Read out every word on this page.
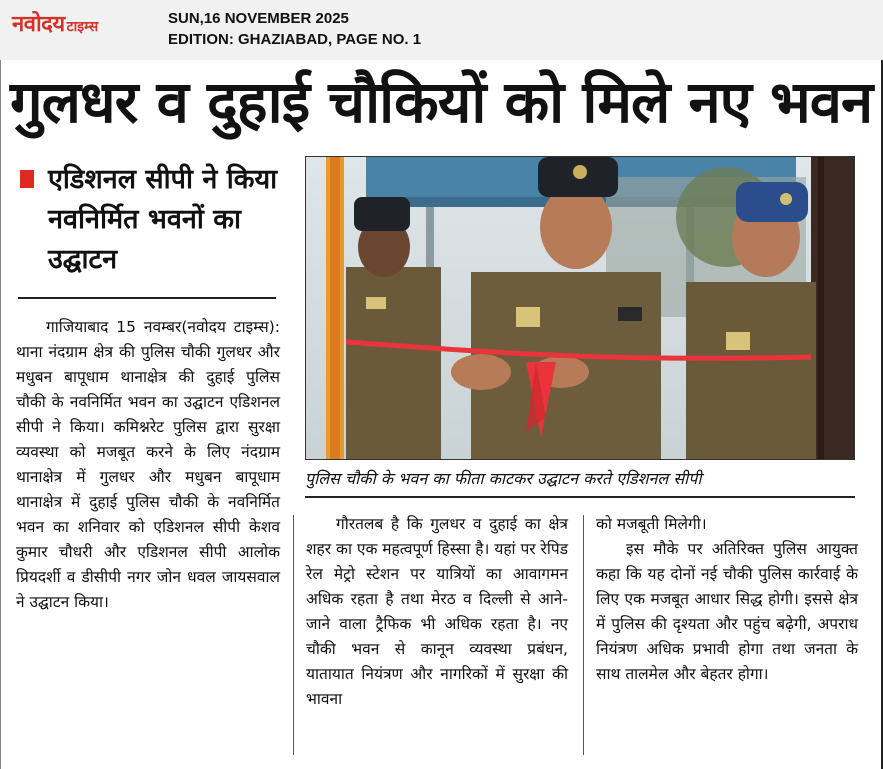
नवोदय टाइम्स	SUN,16 NOVEMBER 2025
EDITION: GHAZIABAD, PAGE NO. 1
गुलधर व दुहाई चौकियों को मिले नए भवन
एडिशनल सीपी ने किया नवनिर्मित भवनों का उद्घाटन
गाजियाबाद 15 नवम्बर(नवोदय टाइम्स): थाना नंदग्राम क्षेत्र की पुलिस चौकी गुलधर और मधुबन बापूधाम थानाक्षेत्र की दुहाई पुलिस चौकी के नवनिर्मित भवन का उद्घाटन एडिशनल सीपी ने किया। कमिश्नरेट पुलिस द्वारा सुरक्षा व्यवस्था को मजबूत करने के लिए नंदग्राम थानाक्षेत्र में गुलधर और मधुबन बापूधाम थानाक्षेत्र में दुहाई पुलिस चौकी के नवनिर्मित भवन का शनिवार को एडिशनल सीपी केशव कुमार चौधरी और एडिशनल सीपी आलोक प्रियदर्शी व डीसीपी नगर जोन धवल जायसवाल ने उद्घाटन किया।
पुलिस चौकी के भवन का फीता काटकर उद्घाटन करते एडिशनल सीपी
गौरतलब है कि गुलधर व दुहाई का क्षेत्र शहर का एक महत्वपूर्ण हिस्सा है। यहां पर रेपिड रेल मेट्रो स्टेशन पर यात्रियों का आवागमन अधिक रहता है तथा मेरठ व दिल्ली से आने-जाने वाला ट्रैफिक भी अधिक रहता है। नए चौकी भवन से कानून व्यवस्था प्रबंधन, यातायात नियंत्रण और नागरिकों में सुरक्षा की भावना

को मजबूती मिलेगी।

इस मौके पर अतिरिक्त पुलिस आयुक्त कहा कि यह दोनों नई चौकी पुलिस कार्रवाई के लिए एक मजबूत आधार सिद्ध होगी। इससे क्षेत्र में पुलिस की दृश्यता और पहुंच बढ़ेगी, अपराध नियंत्रण अधिक प्रभावी होगा तथा जनता के साथ तालमेल और बेहतर होगा।
